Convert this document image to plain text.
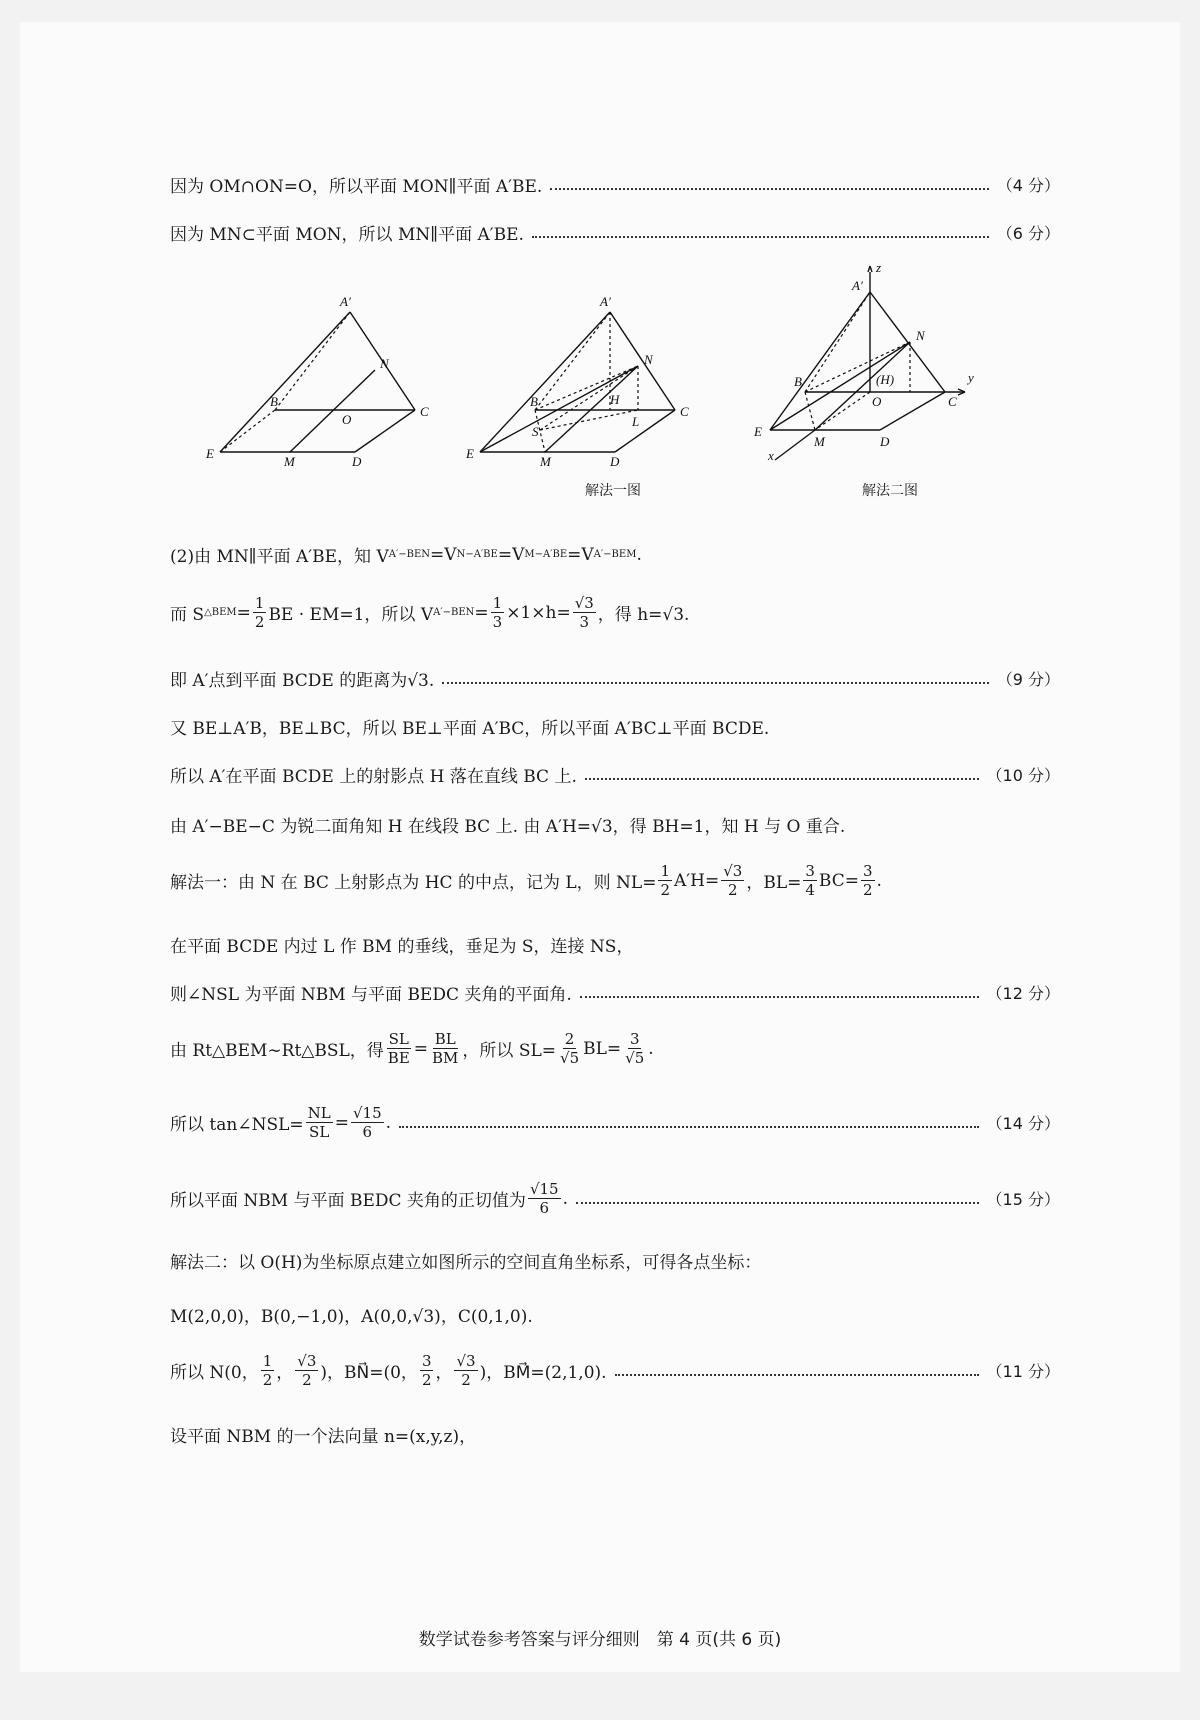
因为 OM∩ON=O，所以平面 MON∥平面 A′BE.	（4 分）
因为 MN⊂平面 MON，所以 MN∥平面 A′BE.	（6 分）
A′
N
B
O
C
E
M	D
A′
N
B	H
C
S
L
E
M	D
解法一图
z
A′
N
B	(H)	y
O	C
E
M	D
x
解法二图
(2)由 MN∥平面 A′BE，知 V A′−BEN =V N−A′BE =V M−A′BE =V A′−BEM .
而 S △BEM = $\frac{1}{2}$ BE · EM=1，所以 V $A'-BEN = \frac{1}{3} \times 1\times h= \frac{√3}{3}$ ，得 h=√3.
即 A′点到平面 BCDE 的距离为√3.	（9 分）
又 BE⊥A′B，BE⊥BC，所以 BE⊥平面 A′BC，所以平面 A′BC⊥平面 BCDE.
所以 A′在平面 BCDE 上的射影点 H 落在直线 BC 上.	（10 分）
由 A′−BE−C 为锐二面角知 H 在线段 BC 上. 由 A′H=√3，得 BH=1，知 H 与 O 重合.
解法一：由 N 在 BC 上射影点为 HC 的中点，记为 L，则 $NL= \frac{1}{2} A'H= \frac{√3}{2}$ ，$BL= \frac{3}{4} BC= \frac{3}{2}$ .
在平面 BCDE 内过 L 作 BM 的垂线，垂足为 S，连接 NS，
则∠NSL 为平面 NBM 与平面 BEDC 夹角的平面角.	（12 分）
由 Rt△BEM∼Rt△BSL，得 $\frac{SL}{BE} = \frac{BL}{BM}$ ，所以 $SL= \frac{2}{√5} BL= \frac{3}{√5}$ .
所以 tan∠NSL= $\frac{NL}{SL} = \frac{√15}{6}$ .	（14 分）
所以平面 NBM 与平面 BEDC 夹角的正切值为 $\frac{√15}{6}$ .	（15 分）
解法二：以 O(H)为坐标原点建立如图所示的空间直角坐标系，可得各点坐标：
M(2,0,0)，B(0,−1,0)，A(0,0,√3)，C(0,1,0).
所以 N(0， $\frac{1}{2}$ ， $\frac{√3}{2}$ )，BN⃗=(0， $\frac{3}{2}$ ， $\frac{√3}{2}$ )，BM⃗=(2,1,0).	（11 分）
设平面 NBM 的一个法向量 n=(x,y,z)，
数学试卷参考答案与评分细则　第 4 页(共 6 页)
